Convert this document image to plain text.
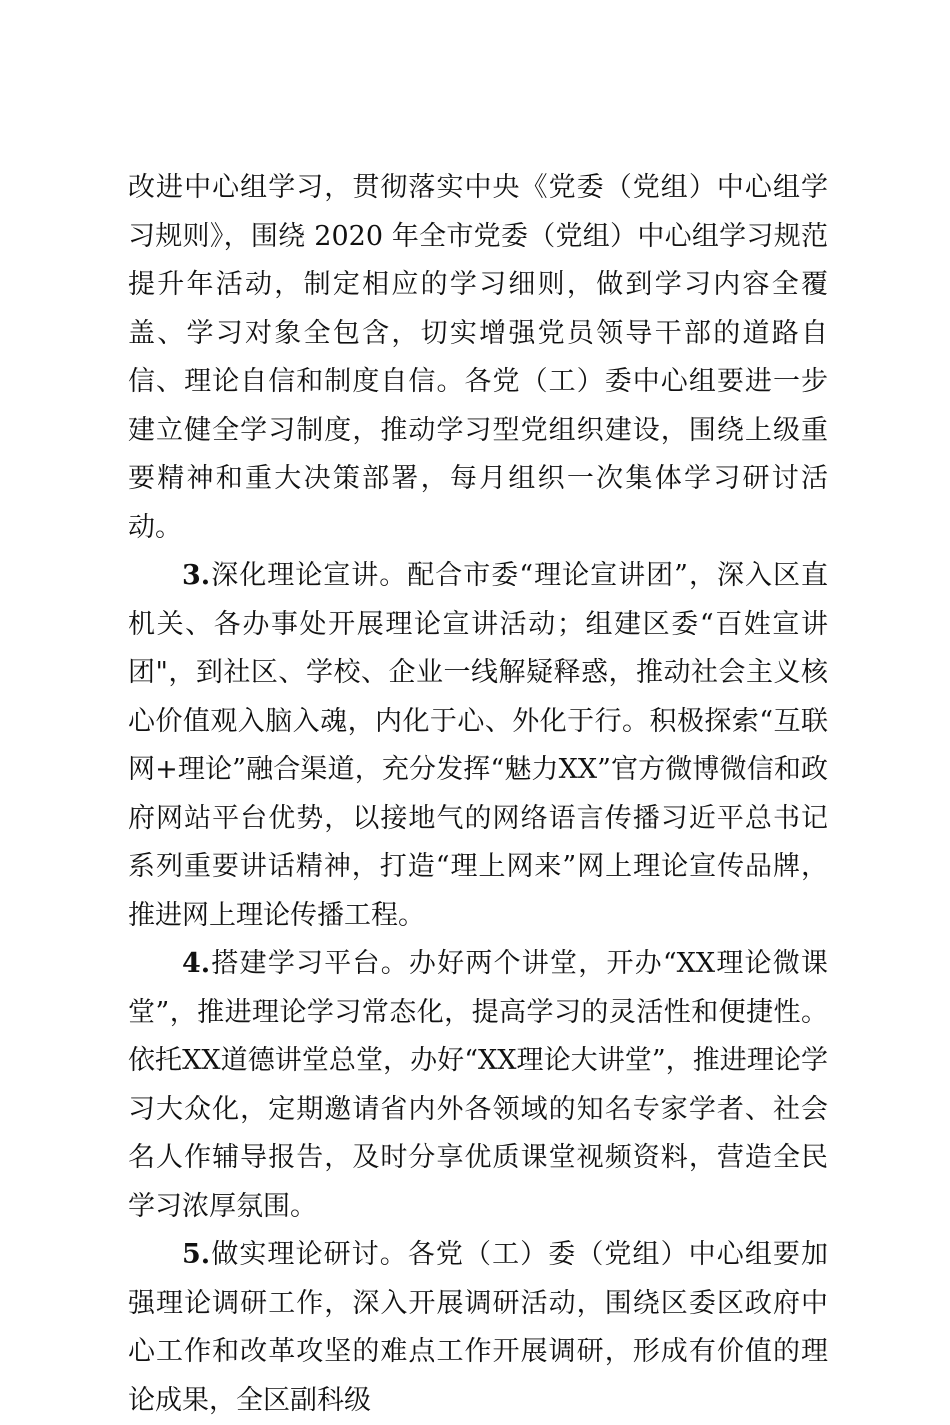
改进中心组学习，贯彻落实中央《党委（党组）中心组学习规则》，围绕 2020 年全市党委（党组）中心组学习规范提升年活动，制定相应的学习细则，做到学习内容全覆盖、学习对象全包含，切实增强党员领导干部的道路自信、理论自信和制度自信。各党（工）委中心组要进一步建立健全学习制度，推动学习型党组织建设，围绕上级重要精神和重大决策部署，每月组织一次集体学习研讨活动。

3.深化理论宣讲。配合市委“理论宣讲团”，深入区直机关、各办事处开展理论宣讲活动；组建区委“百姓宣讲团"，到社区、学校、企业一线解疑释惑，推动社会主义核心价值观入脑入魂，内化于心、外化于行。积极探索“互联网+理论”融合渠道，充分发挥“魅力XX”官方微博微信和政府网站平台优势，以接地气的网络语言传播习近平总书记系列重要讲话精神，打造“理上网来”网上理论宣传品牌，推进网上理论传播工程。

4.搭建学习平台。办好两个讲堂，开办“XX理论微课堂”，推进理论学习常态化，提高学习的灵活性和便捷性。依托XX道德讲堂总堂，办好“XX理论大讲堂”，推进理论学习大众化，定期邀请省内外各领域的知名专家学者、社会名人作辅导报告，及时分享优质课堂视频资料，营造全民学习浓厚氛围。

5.做实理论研讨。各党（工）委（党组）中心组要加强理论调研工作，深入开展调研活动，围绕区委区政府中心工作和改革攻坚的难点工作开展调研，形成有价值的理论成果，全区副科级
